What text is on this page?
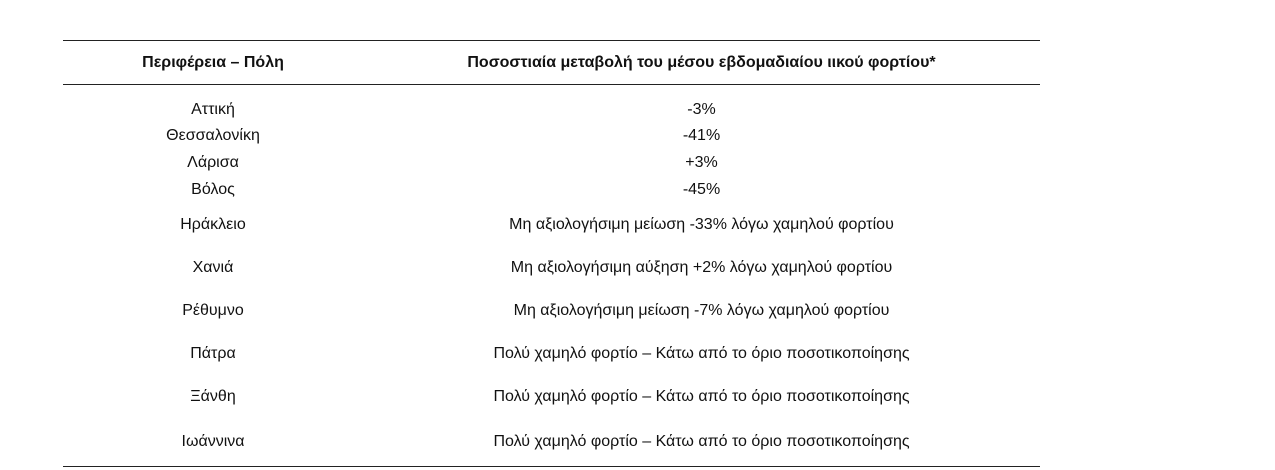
Περιφέρεια – Πόλη	Ποσοστιαία μεταβολή του μέσου εβδομαδιαίου ιικού φορτίου*
Αττική	-3%
Θεσσαλονίκη	-41%
Λάρισα	+3%
Βόλος	-45%
Ηράκλειο	Μη αξιολογήσιμη μείωση -33% λόγω χαμηλού φορτίου
Χανιά	Μη αξιολογήσιμη αύξηση +2% λόγω χαμηλού φορτίου
Ρέθυμνο	Μη αξιολογήσιμη μείωση -7% λόγω χαμηλού φορτίου
Πάτρα	Πολύ χαμηλό φορτίο – Κάτω από το όριο ποσοτικοποίησης
Ξάνθη	Πολύ χαμηλό φορτίο – Κάτω από το όριο ποσοτικοποίησης
Ιωάννινα	Πολύ χαμηλό φορτίο – Κάτω από το όριο ποσοτικοποίησης
